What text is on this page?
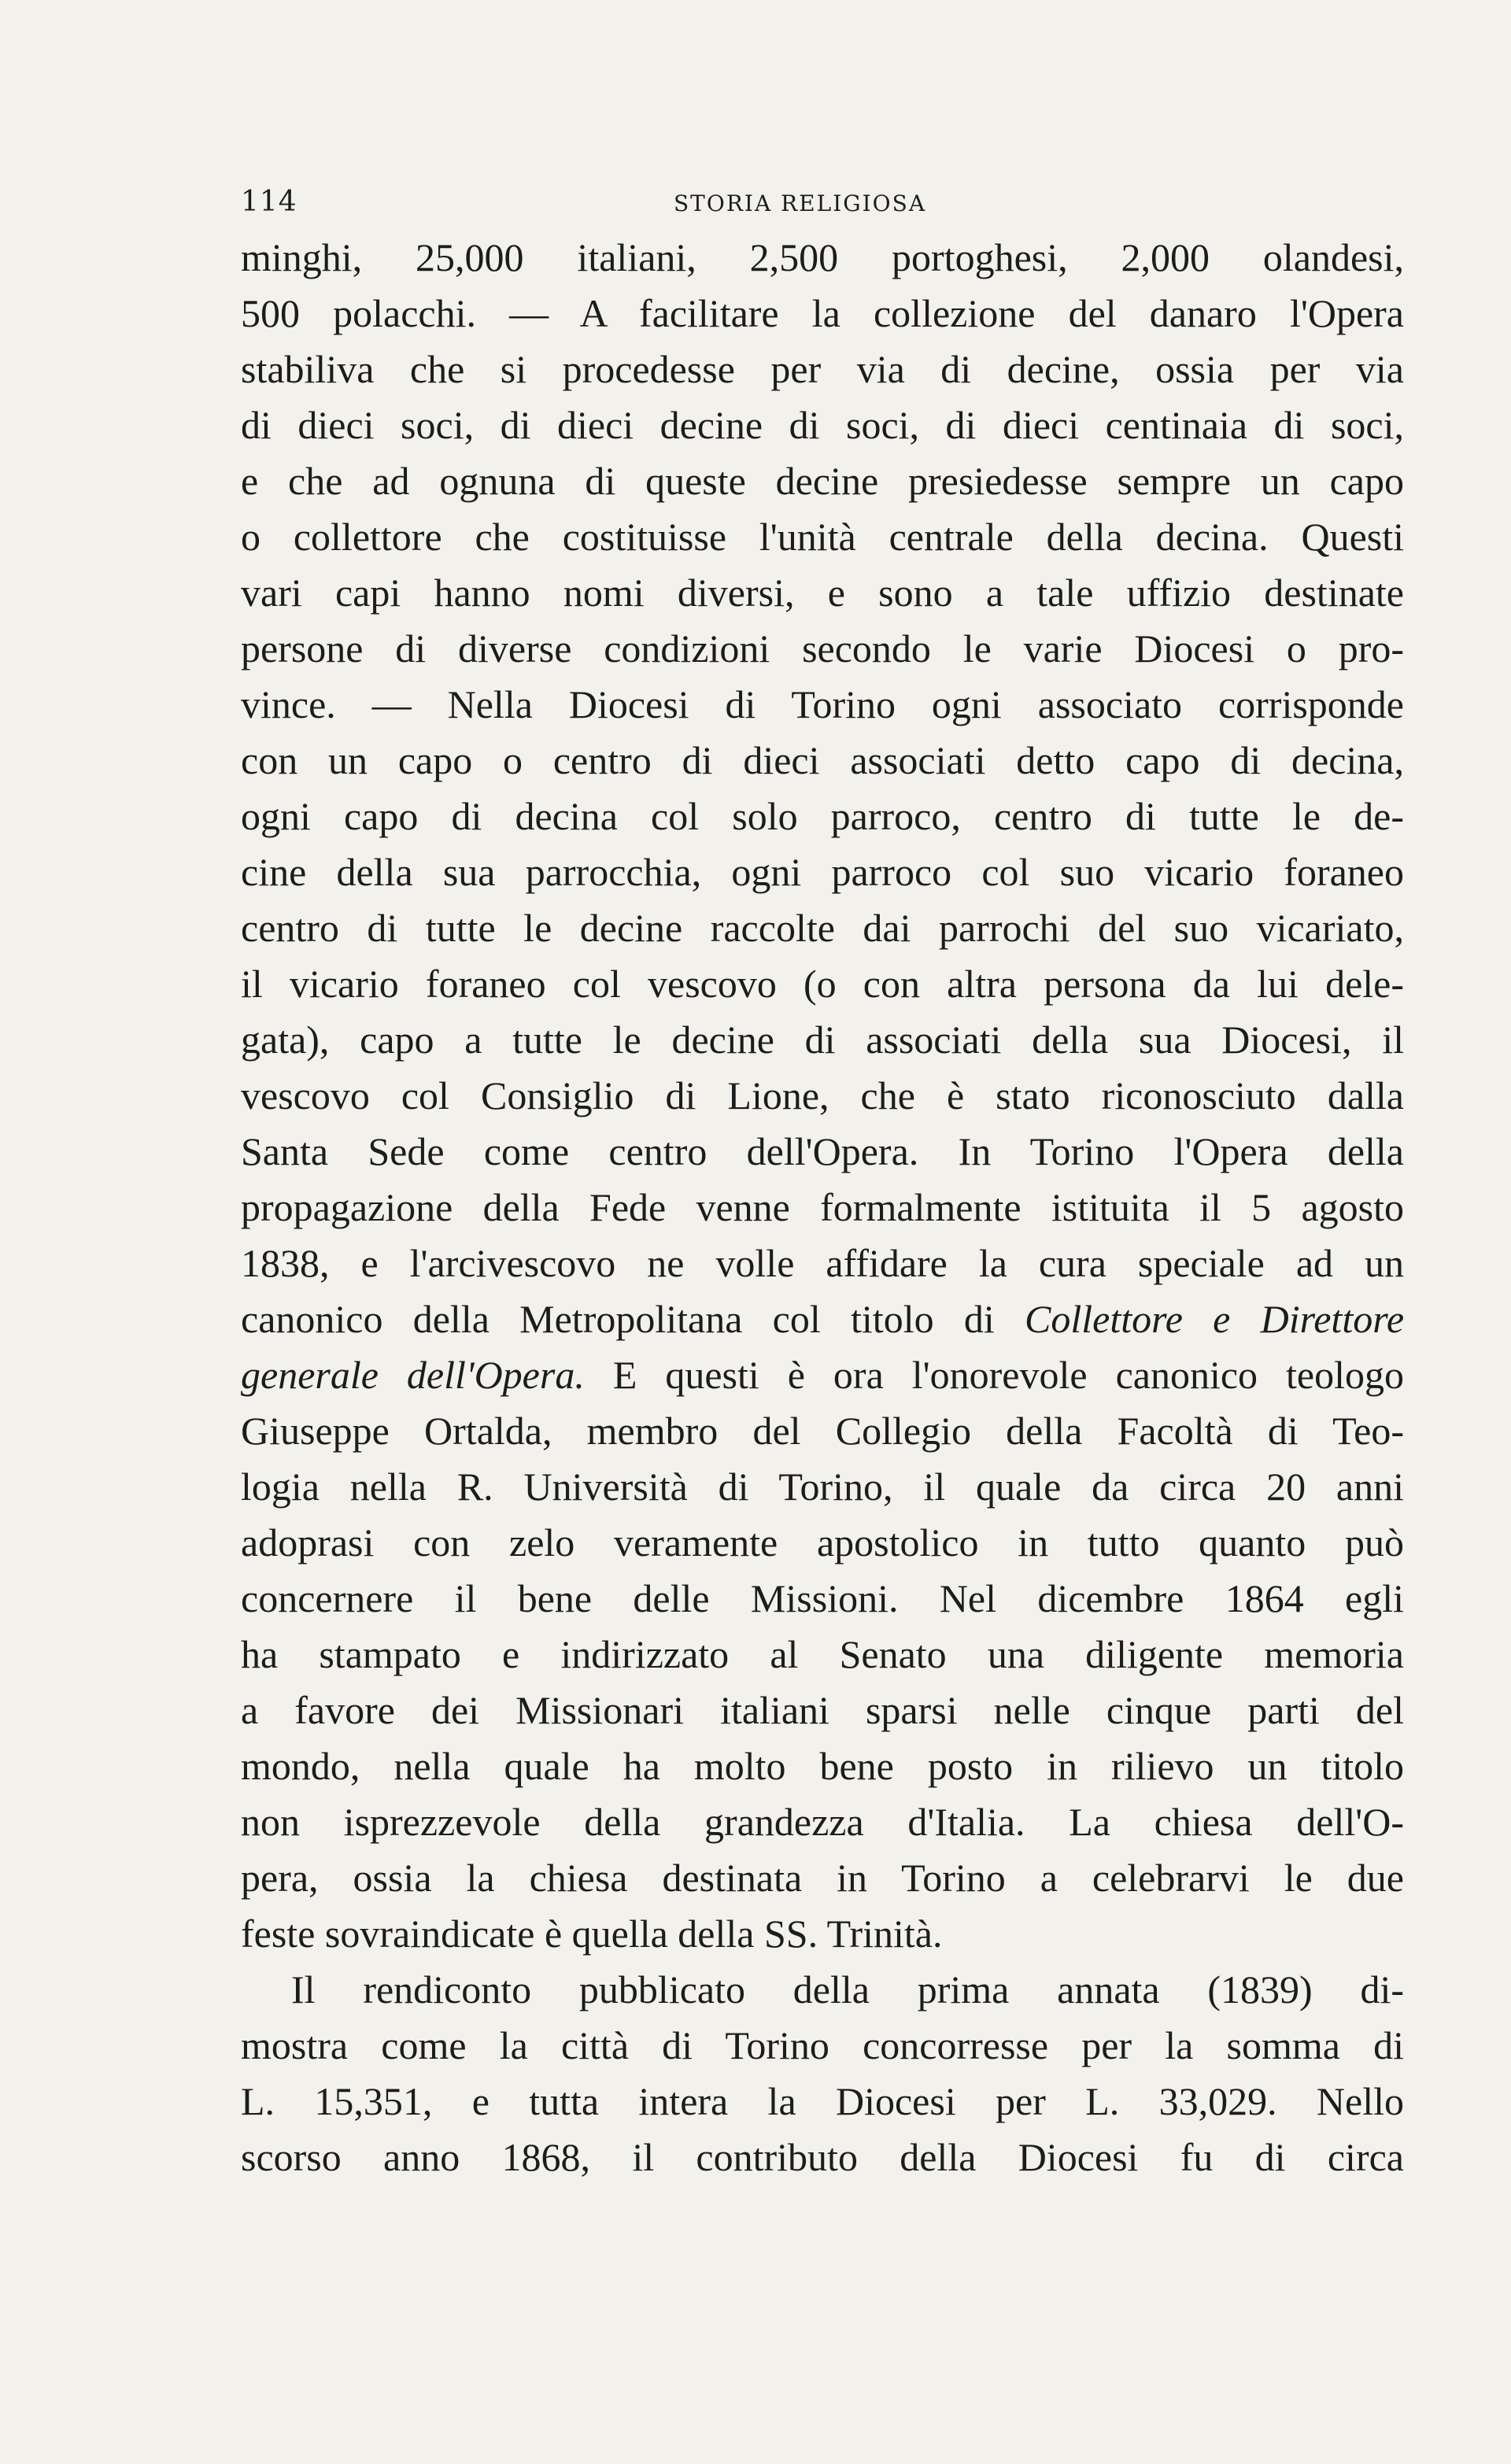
114	STORIA RELIGIOSA
minghi, 25,000 italiani, 2,500 portoghesi, 2,000 olandesi,
500 polacchi. — A facilitare la collezione del danaro l'Opera
stabiliva che si procedesse per via di decine, ossia per via
di dieci soci, di dieci decine di soci, di dieci centinaia di soci,
e che ad ognuna di queste decine presiedesse sempre un capo
o collettore che costituisse l'unità centrale della decina. Questi
vari capi hanno nomi diversi, e sono a tale uffizio destinate
persone di diverse condizioni secondo le varie Diocesi o pro-
vince. — Nella Diocesi di Torino ogni associato corrisponde
con un capo o centro di dieci associati detto capo di decina,
ogni capo di decina col solo parroco, centro di tutte le de-
cine della sua parrocchia, ogni parroco col suo vicario foraneo
centro di tutte le decine raccolte dai parrochi del suo vicariato,
il vicario foraneo col vescovo (o con altra persona da lui dele-
gata), capo a tutte le decine di associati della sua Diocesi, il
vescovo col Consiglio di Lione, che è stato riconosciuto dalla
Santa Sede come centro dell'Opera. In Torino l'Opera della
propagazione della Fede venne formalmente istituita il 5 agosto
1838, e l'arcivescovo ne volle affidare la cura speciale ad un
canonico della Metropolitana col titolo di Collettore e Direttore
generale dell'Opera. E questi è ora l'onorevole canonico teologo
Giuseppe Ortalda, membro del Collegio della Facoltà di Teo-
logia nella R. Università di Torino, il quale da circa 20 anni
adoprasi con zelo veramente apostolico in tutto quanto può
concernere il bene delle Missioni. Nel dicembre 1864 egli
ha stampato e indirizzato al Senato una diligente memoria
a favore dei Missionari italiani sparsi nelle cinque parti del
mondo, nella quale ha molto bene posto in rilievo un titolo
non isprezzevole della grandezza d'Italia. La chiesa dell'O-
pera, ossia la chiesa destinata in Torino a celebrarvi le due
feste sovraindicate è quella della SS. Trinità.
Il rendiconto pubblicato della prima annata (1839) di-
mostra come la città di Torino concorresse per la somma di
L. 15,351, e tutta intera la Diocesi per L. 33,029. Nello
scorso anno 1868, il contributo della Diocesi fu di circa
